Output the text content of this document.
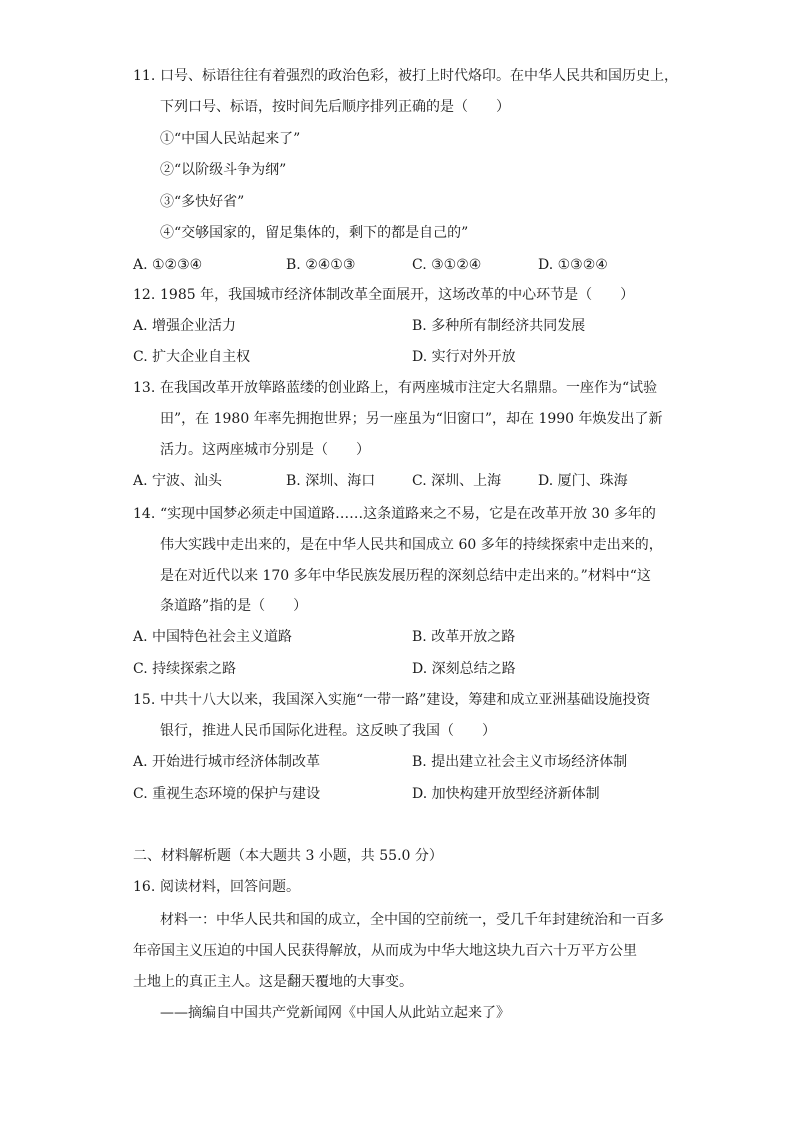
11. 口号、标语往往有着强烈的政治色彩，被打上时代烙印。在中华人民共和国历史上，
下列口号、标语，按时间先后顺序排列正确的是（　　）
①“中国人民站起来了”
②“以阶级斗争为纲”
③“多快好省”
④“交够国家的，留足集体的，剩下的都是自己的”
A. ①②③④	B. ②④①③	C. ③①②④	D. ①③②④
12. 1985 年，我国城市经济体制改革全面展开，这场改革的中心环节是（　　）
A. 增强企业活力	B. 多种所有制经济共同发展
C. 扩大企业自主权	D. 实行对外开放
13. 在我国改革开放筚路蓝缕的创业路上，有两座城市注定大名鼎鼎。一座作为“试验
田”，在 1980 年率先拥抱世界；另一座虽为“旧窗口”，却在 1990 年焕发出了新
活力。这两座城市分别是（　　）
A. 宁波、汕头	B. 深圳、海口	C. 深圳、上海	D. 厦门、珠海
14. “实现中国梦必须走中国道路……这条道路来之不易，它是在改革开放 30 多年的
伟大实践中走出来的，是在中华人民共和国成立 60 多年的持续探索中走出来的，
是在对近代以来 170 多年中华民族发展历程的深刻总结中走出来的。”材料中“这
条道路”指的是（　　）
A. 中国特色社会主义道路	B. 改革开放之路
C. 持续探索之路	D. 深刻总结之路
15. 中共十八大以来，我国深入实施“一带一路”建设，筹建和成立亚洲基础设施投资
银行，推进人民币国际化进程。这反映了我国（　　）
A. 开始进行城市经济体制改革	B. 提出建立社会主义市场经济体制
C. 重视生态环境的保护与建设	D. 加快构建开放型经济新体制
二、材料解析题（本大题共 3 小题，共 55.0 分）
16. 阅读材料，回答问题。
材料一：中华人民共和国的成立，全中国的空前统一，受几千年封建统治和一百多
年帝国主义压迫的中国人民获得解放，从而成为中华大地这块九百六十万平方公里
土地上的真正主人。这是翻天覆地的大事变。
——摘编自中国共产党新闻网《中国人从此站立起来了》
